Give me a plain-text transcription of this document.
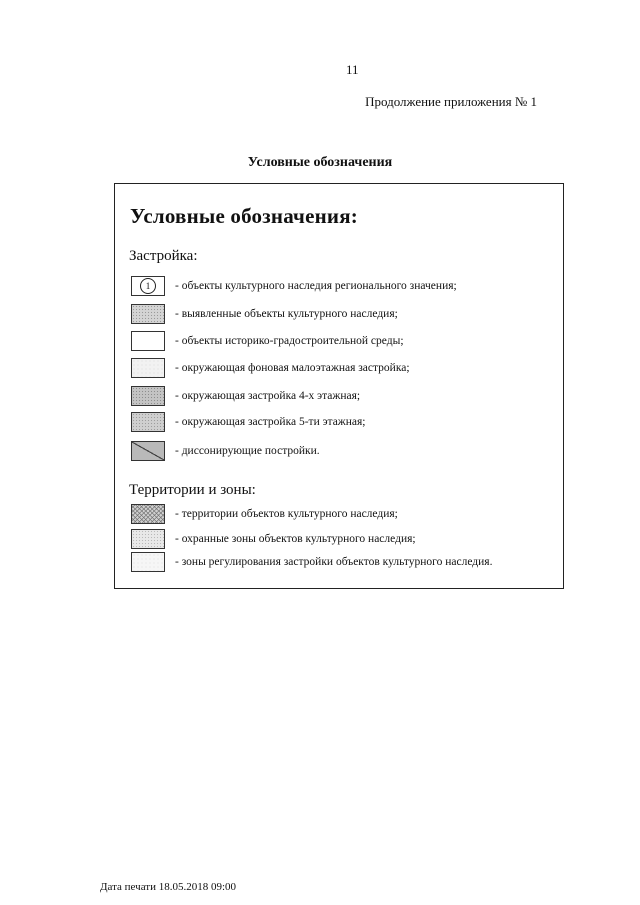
11
Продолжение приложения № 1
Условные обозначения
Условные обозначения:
Застройка:
1	- объекты культурного наследия регионального значения;
- выявленные объекты культурного наследия;
- объекты историко-градостроительной среды;
- окружающая фоновая малоэтажная застройка;
- окружающая застройка 4-х этажная;
- окружающая застройка 5-ти этажная;
- диссонирующие постройки.
Территории и зоны:
- территории объектов культурного наследия;
- охранные зоны объектов культурного наследия;
- зоны регулирования застройки объектов культурного наследия.
Дата печати 18.05.2018 09:00
